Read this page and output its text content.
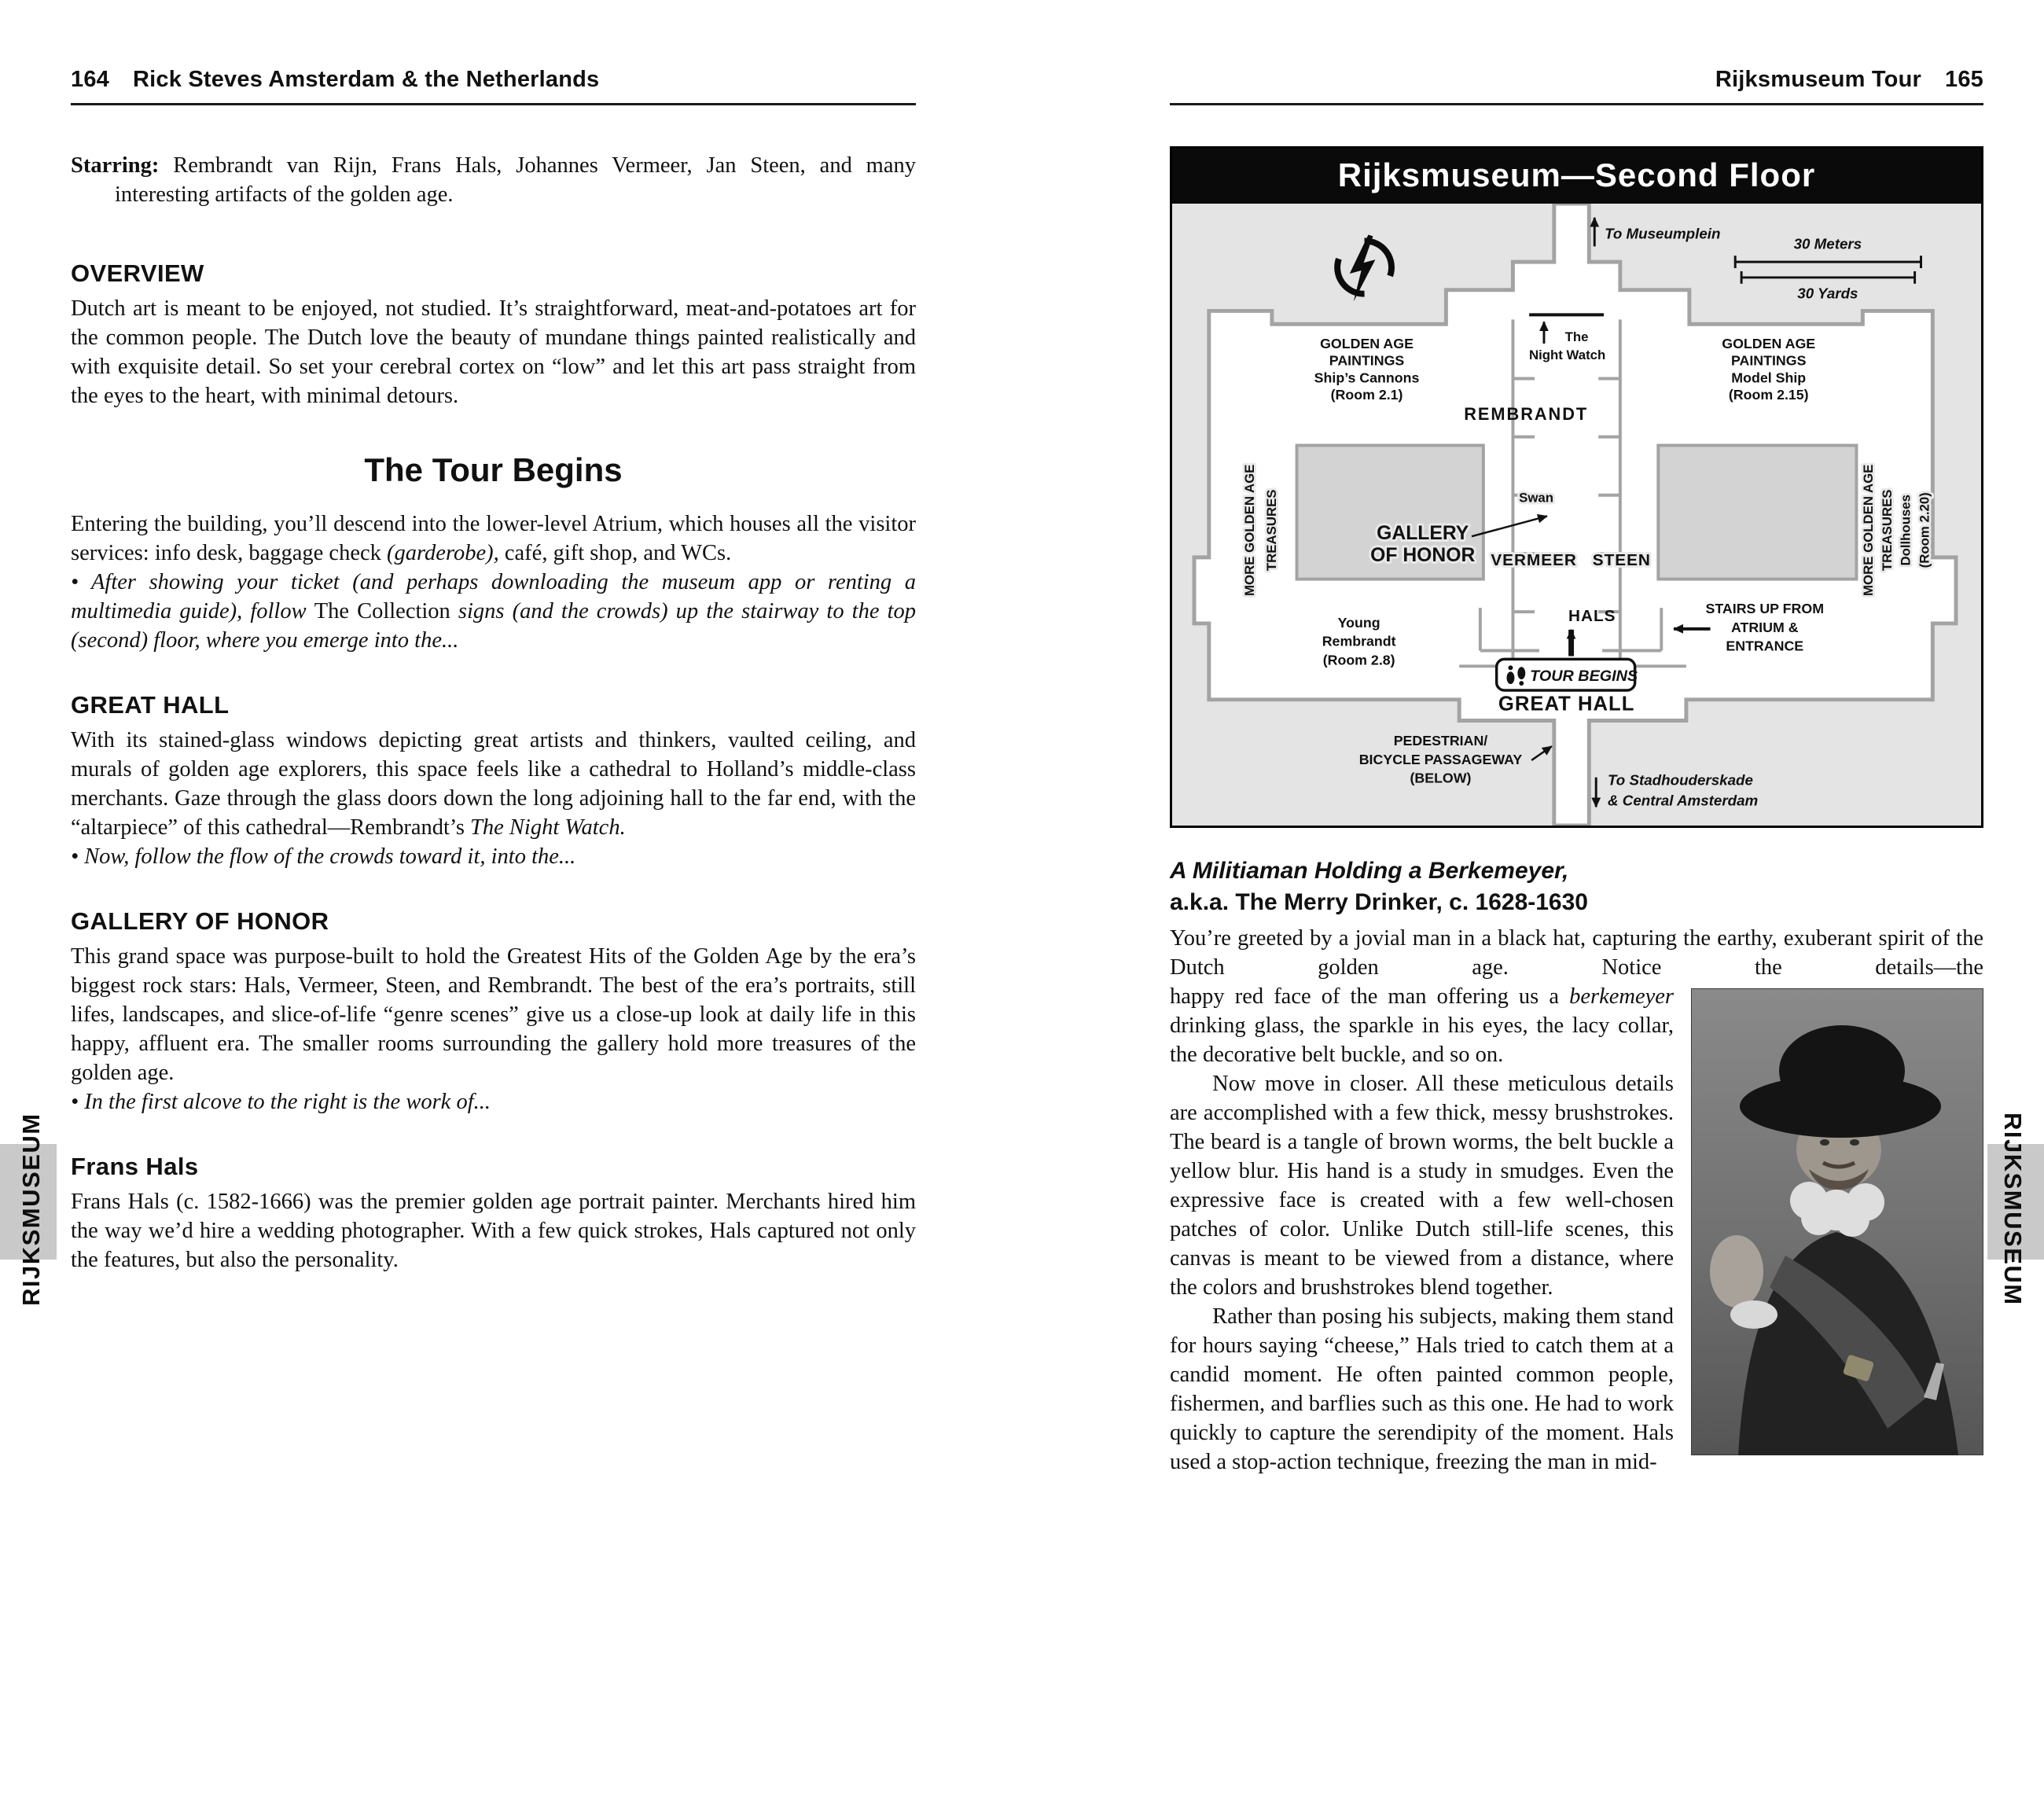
164 Rick Steves Amsterdam & the Netherlands

Starring: Rembrandt van Rijn, Frans Hals, Johannes Vermeer, Jan Steen, and many interesting artifacts of the golden age.

OVERVIEW

Dutch art is meant to be enjoyed, not studied. It’s straightforward, meat-and-potatoes art for the common people. The Dutch love the beauty of mundane things painted realistically and with exquisite detail. So set your cerebral cortex on “low” and let this art pass straight from the eyes to the heart, with minimal detours.

The Tour Begins

Entering the building, you’ll descend into the lower-level Atrium, which houses all the visitor services: info desk, baggage check (garderobe), café, gift shop, and WCs.

• After showing your ticket (and perhaps downloading the museum app or renting a multimedia guide), follow The Collection signs (and the crowds) up the stairway to the top (second) floor, where you emerge into the...

GREAT HALL

With its stained-glass windows depicting great artists and thinkers, vaulted ceiling, and murals of golden age explorers, this space feels like a cathedral to Holland’s middle-class merchants. Gaze through the glass doors down the long adjoining hall to the far end, with the “altarpiece” of this cathedral—Rembrandt’s The Night Watch.

• Now, follow the flow of the crowds toward it, into the...

GALLERY OF HONOR

This grand space was purpose-built to hold the Greatest Hits of the Golden Age by the era’s biggest rock stars: Hals, Vermeer, Steen, and Rembrandt. The best of the era’s portraits, still lifes, landscapes, and slice-of-life “genre scenes” give us a close-up look at daily life in this happy, affluent era. The smaller rooms surrounding the gallery hold more treasures of the golden age.

• In the first alcove to the right is the work of...

Frans Hals

Frans Hals (c. 1582-1666) was the premier golden age portrait painter. Merchants hired him the way we’d hire a wedding photographer. With a few quick strokes, Hals captured not only the features, but also the personality.

Rijksmuseum Tour 165
Rijksmuseum—Second Floor
30 Meters
30 Yards
To Museumplein
The
Night Watch
GOLDEN AGE
PAINTINGS
Ship’s Cannons
(Room 2.1)
GOLDEN AGE
PAINTINGS
Model Ship
(Room 2.15)
REMBRANDT
MORE GOLDEN AGE TREASURES	MORE GOLDEN AGE TREASURES Dollhouses (Room 2.20)
Swan
GALLERY
OF HONOR VERMEER STEEN
HALS
Young
Rembrandt
(Room 2.8)
STAIRS UP FROM
ATRIUM &
ENTRANCE
TOUR BEGINS
GREAT HALL
PEDESTRIAN/
BICYCLE PASSAGEWAY
(BELOW)	To Stadhouderskade
& Central Amsterdam
A Militiaman Holding a Berkemeyer,
a.k.a. The Merry Drinker, c. 1628-1630

You’re greeted by a jovial man in a black hat, capturing the earthy, exuberant spirit of the Dutch golden age. Notice the details—the

happy red face of the man offering us a berkemeyer drinking glass, the sparkle in his eyes, the lacy collar, the decorative belt buckle, and so on.

Now move in closer. All these meticulous details are accomplished with a few thick, messy brushstrokes. The beard is a tangle of brown worms, the belt buckle a yellow blur. His hand is a study in smudges. Even the expressive face is created with a few well-chosen patches of color. Unlike Dutch still-life scenes, this canvas is meant to be viewed from a distance, where the colors and brushstrokes blend together.

Rather than posing his subjects, making them stand for hours saying “cheese,” Hals tried to catch them at a candid moment. He often painted common people, fishermen, and barflies such as this one. He had to work quickly to capture the serendipity of the moment. Hals used a stop-action technique, freezing the man in mid-

RIJKSMUSEUM	RIJKSMUSEUM
